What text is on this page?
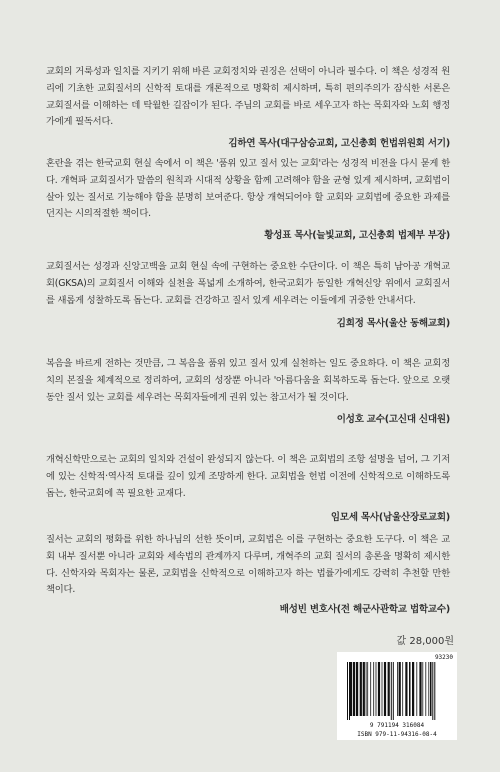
교회의 거룩성과 일치를 지키기 위해 바른 교회정치와 권징은 선택이 아니라 필수다. 이 책은 성경적 원리에 기초한 교회질서의 신학적 토대를 개론적으로 명확히 제시하며, 특히 편의주의가 잠식한 서론은 교회질서를 이해하는 데 탁월한 길잡이가 된다. 주님의 교회를 바로 세우고자 하는 목회자와 노회 행정가에게 필독서다.

김하연 목사(대구삼승교회, 고신총회 헌법위원회 서기)

혼란을 겪는 한국교회 현실 속에서 이 책은 '품위 있고 질서 있는 교회'라는 성경적 비전을 다시 묻게 한다. 개혁파 교회질서가 말씀의 원칙과 시대적 상황을 함께 고려해야 함을 균형 있게 제시하며, 교회법이 살아 있는 질서로 기능해야 함을 분명히 보여준다. 항상 개혁되어야 할 교회와 교회법에 중요한 과제를 던지는 시의적절한 책이다.

황성표 목사(늘빛교회, 고신총회 법제부 부장)

교회질서는 성경과 신앙고백을 교회 현실 속에 구현하는 중요한 수단이다. 이 책은 특히 남아공 개혁교회(GKSA)의 교회질서 이해와 실천을 폭넓게 소개하여, 한국교회가 동일한 개혁신앙 위에서 교회질서를 새롭게 성찰하도록 돕는다. 교회를 건강하고 질서 있게 세우려는 이들에게 귀중한 안내서다.

김희정 목사(울산 동해교회)

복음을 바르게 전하는 것만큼, 그 복음을 품위 있고 질서 있게 실천하는 일도 중요하다. 이 책은 교회정치의 본질을 체계적으로 정리하여, 교회의 성장뿐 아니라 '아름다움을 회복하도록 돕는다. 앞으로 오랫동안 질서 있는 교회를 세우려는 목회자들에게 권위 있는 참고서가 될 것이다.

이성호 교수(고신대 신대원)

개혁신학만으로는 교회의 일치와 건설이 완성되지 않는다. 이 책은 교회법의 조항 설명을 넘어, 그 기저에 있는 신학적·역사적 토대를 깊이 있게 조망하게 한다. 교회법을 헌법 이전에 신학적으로 이해하도록 돕는, 한국교회에 꼭 필요한 교재다.

임모세 목사(남울산장로교회)

질서는 교회의 평화를 위한 하나님의 선한 뜻이며, 교회법은 이를 구현하는 중요한 도구다. 이 책은 교회 내부 질서뿐 아니라 교회와 세속법의 관계까지 다루며, 개혁주의 교회 질서의 총론을 명확히 제시한다. 신학자와 목회자는 물론, 교회법을 신학적으로 이해하고자 하는 법률가에게도 강력히 추천할 만한 책이다.

배성빈 변호사(전 해군사관학교 법학교수)

값 28,000원
93230
9 791194 316084
ISBN 979-11-94316-08-4
